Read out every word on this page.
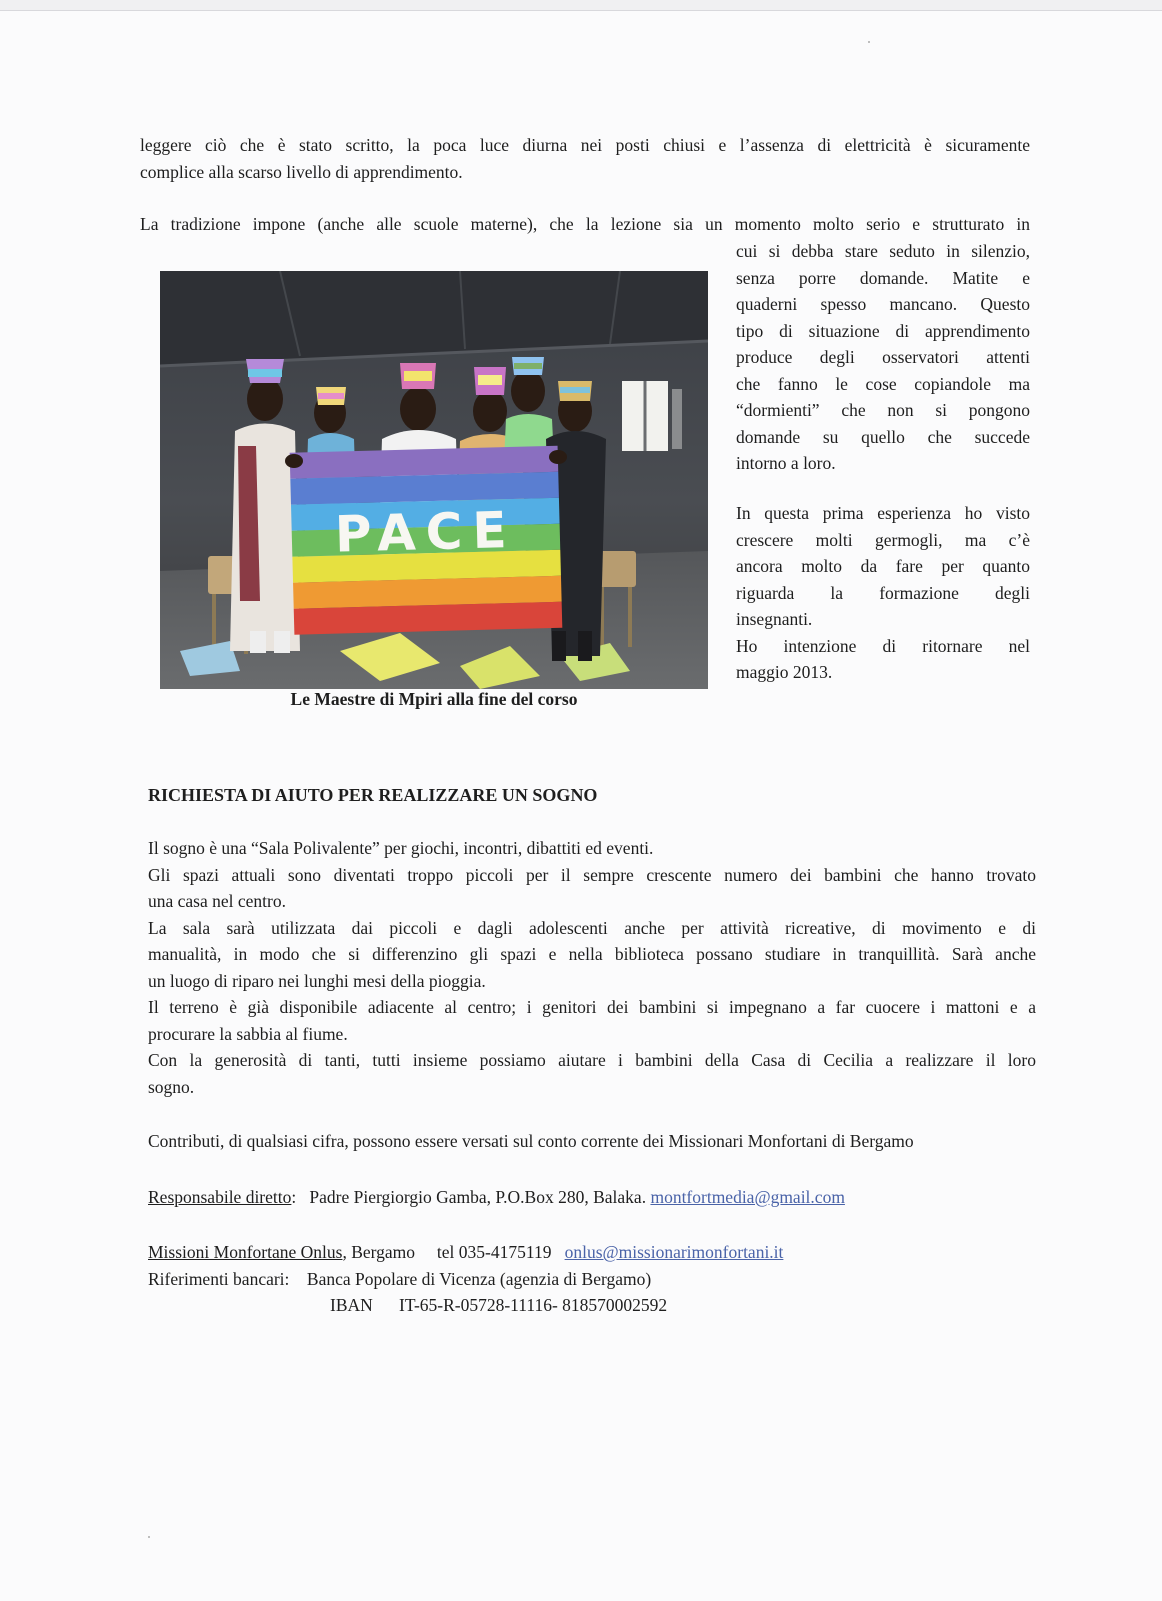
leggere ciò che è stato scritto, la poca luce diurna nei posti chiusi e l’assenza di elettricità è sicuramente
complice alla scarso livello di apprendimento.

La tradizione impone (anche alle scuole materne), che la lezione sia un momento molto serio e strutturato in

cui si debba stare seduto in silenzio,
senza porre domande. Matite e
quaderni spesso mancano. Questo
tipo di situazione di apprendimento
produce degli osservatori attenti
che fanno le cose copiandole ma
“dormienti” che non si pongono
domande su quello che succede
intorno a loro.
In questa prima esperienza ho visto
crescere molti germogli, ma c’è
ancora molto da fare per quanto
riguarda la formazione degli
insegnanti.
Ho intenzione di ritornare nel
maggio 2013.
PACE
Le Maestre di Mpiri alla fine del corso
RICHIESTA DI AIUTO PER REALIZZARE UN SOGNO
Il sogno è una “Sala Polivalente” per giochi, incontri, dibattiti ed eventi.
Gli spazi attuali sono diventati troppo piccoli per il sempre crescente numero dei bambini che hanno trovato
una casa nel centro.
La sala sarà utilizzata dai piccoli e dagli adolescenti anche per attività ricreative, di movimento e di
manualità, in modo che si differenzino gli spazi e nella biblioteca possano studiare in tranquillità. Sarà anche
un luogo di riparo nei lunghi mesi della pioggia.
Il terreno è già disponibile adiacente al centro; i genitori dei bambini si impegnano a far cuocere i mattoni e a
procurare la sabbia al fiume.
Con la generosità di tanti, tutti insieme possiamo aiutare i bambini della Casa di Cecilia a realizzare il loro
sogno.
Contributi, di qualsiasi cifra, possono essere versati sul conto corrente dei Missionari Monfortani di Bergamo
Responsabile diretto: Padre Piergiorgio Gamba, P.O.Box 280, Balaka. montfortmedia@gmail.com
Missioni Monfortane Onlus, Bergamo tel 035-4175119 onlus@missionarimonfortani.it
Riferimenti bancari: Banca Popolare di Vicenza (agenzia di Bergamo)
IBAN IT-65-R-05728-11116- 818570002592
